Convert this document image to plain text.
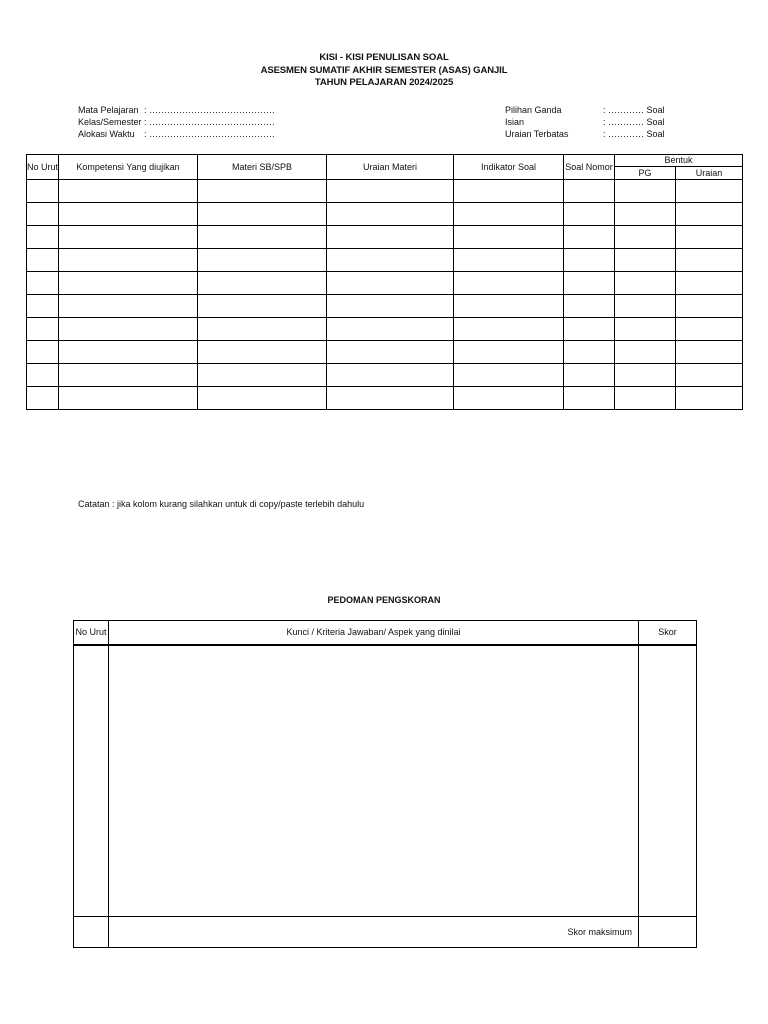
KISI - KISI PENULISAN SOAL
ASESMEN SUMATIF AKHIR SEMESTER (ASAS) GANJIL
TAHUN PELAJARAN 2024/2025
Mata Pelajaran : ……………………………………
Kelas/Semester : ……………………………………
Alokasi Waktu	: ……………………………………
Pilihan Ganda	: ………… Soal
Isian	: ………… Soal
Uraian Terbatas	: ………… Soal
No Urut	Kompetensi Yang diujikan	Materi SB/SPB	Uraian Materi	Indikator Soal	Soal Nomor	Bentuk	
						PG	Uraian

Catatan : jika kolom kurang silahkan untuk di copy/paste terlebih dahulu
PEDOMAN PENGSKORAN
No Urut	Kunci / Kriteria Jawaban/ Aspek yang dinilai	Skor

	Skor maksimum	
